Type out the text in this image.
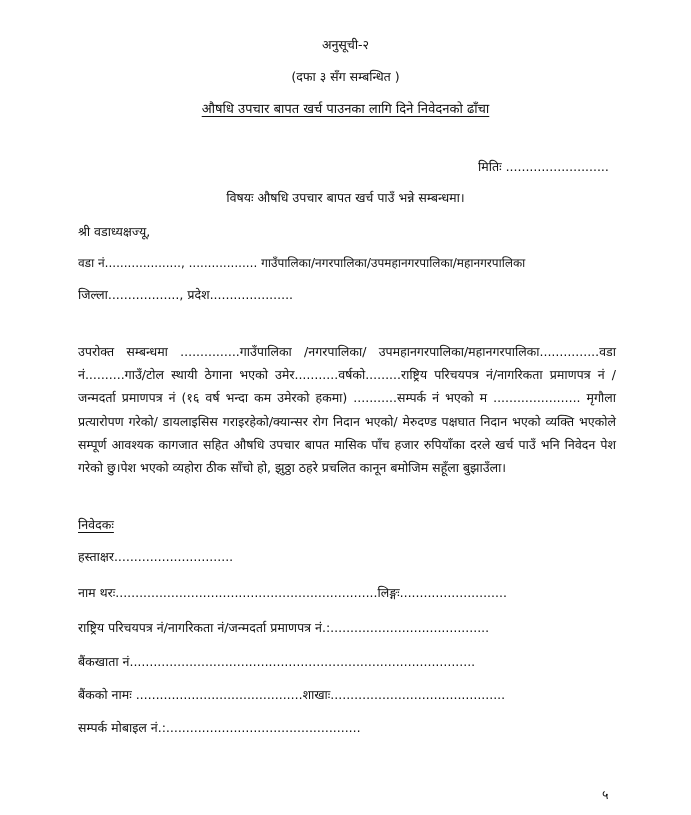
अनुसूची-२
(दफा ३ सँग सम्बन्धित )
औषधि उपचार बापत खर्च पाउनका लागि दिने निवेदनको ढाँचा
मितिः ..........................
विषयः औषधि उपचार बापत खर्च पाउँ भन्ने सम्बन्धमा।
श्री वडाध्यक्षज्यू,
वडा नं...................., .................. गाउँपालिका/नगरपालिका/उपमहानगरपालिका/महानगरपालिका
जिल्ला.................., प्रदेश.....................
उपरोक्त सम्बन्धमा ...............गाउँपालिका /नगरपालिका/ उपमहानगरपालिका/महानगरपालिका...............वडा नं..........गाउँ/टोल स्थायी ठेगाना भएको उमेर...........वर्षको.........राष्ट्रिय परिचयपत्र नं/नागरिकता प्रमाणपत्र नं / जन्मदर्ता प्रमाणपत्र नं (१६ वर्ष भन्दा कम उमेरको हकमा) ...........सम्पर्क नं भएको म ...................... मृगौला प्रत्यारोपण गरेको/ डायलाइसिस गराइरहेको/क्यान्सर रोग निदान भएको/ मेरुदण्ड पक्षघात निदान भएको व्यक्ति भएकोले सम्पूर्ण आवश्यक कागजात सहित औषधि उपचार बापत मासिक पाँच हजार रुपियाँका दरले खर्च पाउँ भनि निवेदन पेश गरेको छु।पेश भएको व्यहोरा ठीक साँचो हो, झुठ्ठा ठहरे प्रचलित कानून बमोजिम सहूँला बुझाउँला।
निवेदकः
हस्ताक्षर..............................
नाम थरः..................................................................लिङ्गः...........................
राष्ट्रिय परिचयपत्र नं/नागरिकता नं/जन्मदर्ता प्रमाणपत्र नं.:........................................
बैंकखाता नं.......................................................................................
बैंकको नामः ..........................................शाखाः............................................
सम्पर्क मोबाइल नं.:.................................................
५
